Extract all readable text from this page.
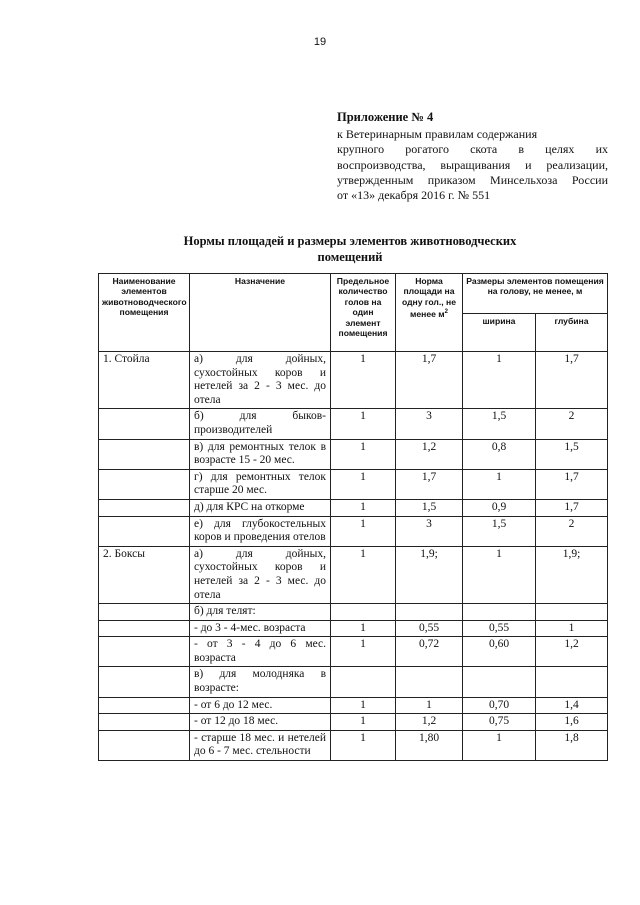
19
Приложение № 4
к Ветеринарным правилам содержания
крупного рогатого скота в целях их
воспроизводства, выращивания и реализации,
утвержденным приказом Минсельхоза России
от «13» декабря 2016 г. № 551
Нормы площадей и размеры элементов животноводческих
помещений
Наименование элементов животноводческого помещения	Назначение	Предельное количество голов на один элемент помещения	Норма площади на одну гол., не менее $м^2$	Размеры элементов помещения на голову, не менее, м	
				ширина	глубина
1. Стойла	а) для дойных, сухостойных коров и нетелей за 2 - 3 мес. до отела	1	1,7	1	1,7
	б) для быков-производителей	1	3	1,5	2
	в) для ремонтных телок в возрасте 15 - 20 мес.	1	1,2	0,8	1,5
	г) для ремонтных телок старше 20 мес.	1	1,7	1	1,7
	д) для КРС на откорме	1	1,5	0,9	1,7
	е) для глубокостельных коров и проведения отелов	1	3	1,5	2
2. Боксы	а) для дойных, сухостойных коров и нетелей за 2 - 3 мес. до отела	1	1,9;	1	1,9;
	б) для телят:				
	- до 3 - 4-мес. возраста	1	0,55	0,55	1
	- от 3 - 4 до 6 мес. возраста	1	0,72	0,60	1,2
	в) для молодняка в возрасте:				
	- от 6 до 12 мес.	1	1	0,70	1,4
	- от 12 до 18 мес.	1	1,2	0,75	1,6
	- старше 18 мес. и нетелей до 6 - 7 мес. стельности	1	1,80	1	1,8
